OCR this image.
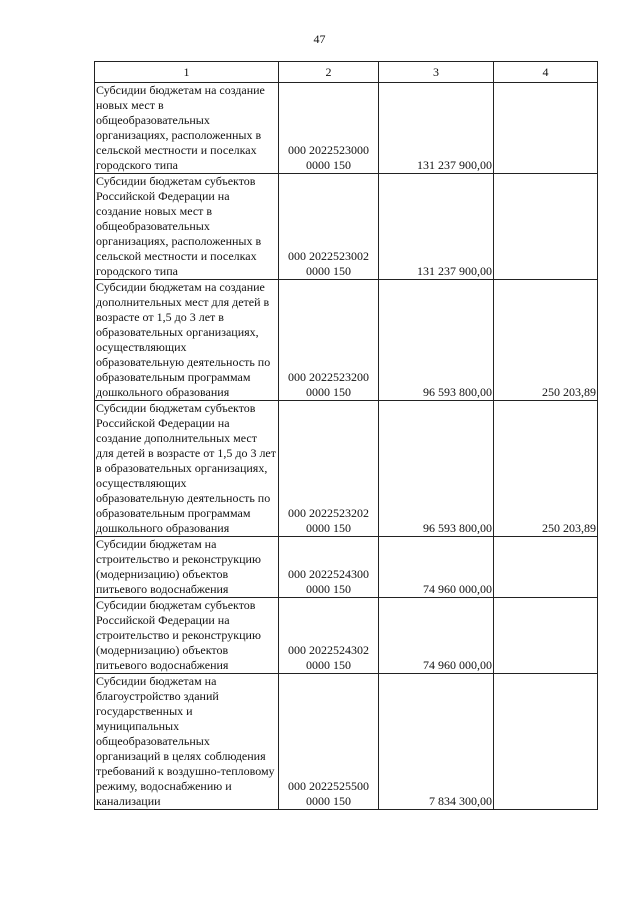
47
1	2	3	4
Субсидии бюджетам на создание новых мест в общеобразовательных организациях, расположенных в сельской местности и поселках городского типа	000 2022523000 0000 150	131 237 900,00	
Субсидии бюджетам субъектов Российской Федерации на создание новых мест в общеобразовательных организациях, расположенных в сельской местности и поселках городского типа	000 2022523002 0000 150	131 237 900,00	
Субсидии бюджетам на создание дополнительных мест для детей в возрасте от 1,5 до 3 лет в образовательных организациях, осуществляющих образовательную деятельность по образовательным программам дошкольного образования	000 2022523200 0000 150	96 593 800,00	250 203,89
Субсидии бюджетам субъектов Российской Федерации на создание дополнительных мест для детей в возрасте от 1,5 до 3 лет в образовательных организациях, осуществляющих образовательную деятельность по образовательным программам дошкольного образования	000 2022523202 0000 150	96 593 800,00	250 203,89
Субсидии бюджетам на строительство и реконструкцию (модернизацию) объектов питьевого водоснабжения	000 2022524300 0000 150	74 960 000,00	
Субсидии бюджетам субъектов Российской Федерации на строительство и реконструкцию (модернизацию) объектов питьевого водоснабжения	000 2022524302 0000 150	74 960 000,00	
Субсидии бюджетам на благоустройство зданий государственных и муниципальных общеобразовательных организаций в целях соблюдения требований к воздушно-тепловому режиму, водоснабжению и канализации	000 2022525500 0000 150	7 834 300,00	
